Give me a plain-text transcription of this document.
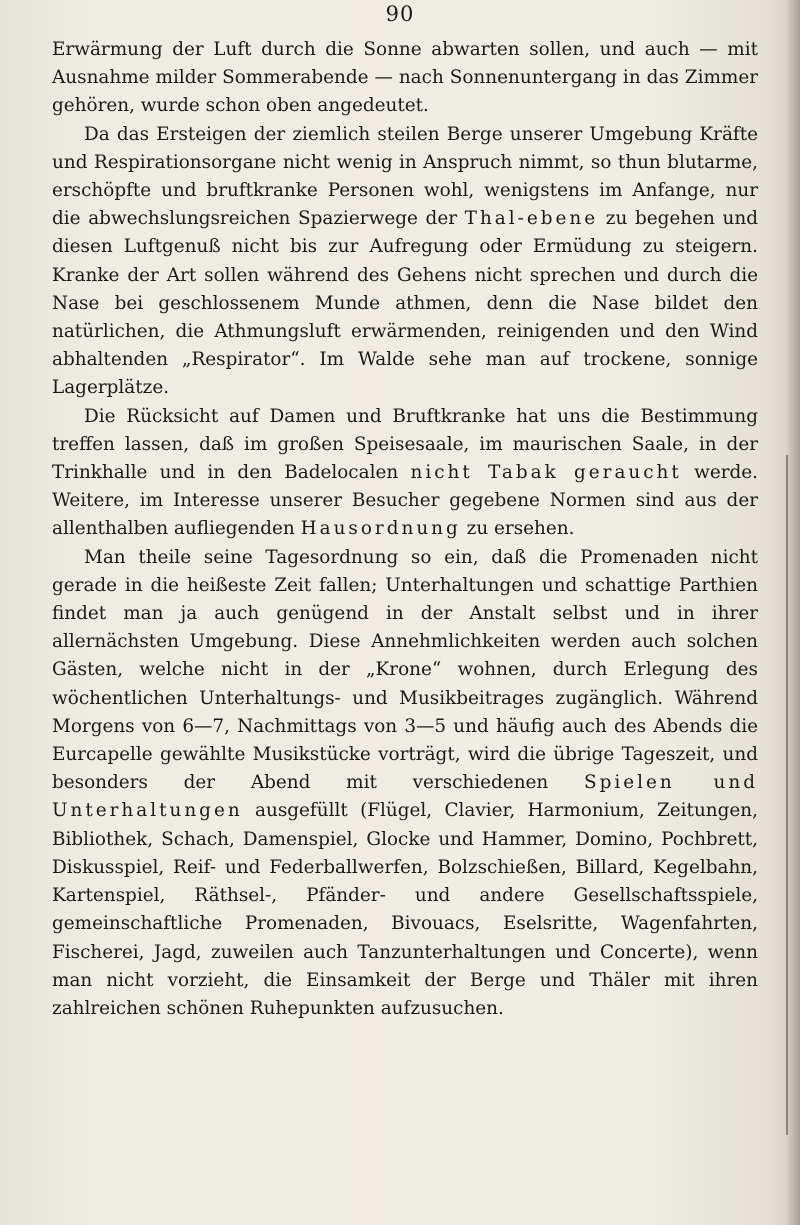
90

Erwärmung der Luft durch die Sonne abwarten sollen, und auch — mit Ausnahme milder Sommerabende — nach Sonnenuntergang in das Zimmer gehören, wurde schon oben angedeutet.

Da das Ersteigen der ziemlich steilen Berge unserer Umgebung Kräfte und Respirationsorgane nicht wenig in Anspruch nimmt, so thun blutarme, erschöpfte und bruftkranke Personen wohl, wenigstens im Anfange, nur die abwechslungsreichen Spazierwege der Thal-ebene zu begehen und diesen Luftgenuß nicht bis zur Aufregung oder Ermüdung zu steigern. Kranke der Art sollen während des Gehens nicht sprechen und durch die Nase bei geschlossenem Munde athmen, denn die Nase bildet den natürlichen, die Athmungsluft erwärmenden, reinigenden und den Wind abhaltenden „Respirator“. Im Walde sehe man auf trockene, sonnige Lagerplätze.

Die Rücksicht auf Damen und Bruftkranke hat uns die Bestimmung treffen lassen, daß im großen Speisesaale, im maurischen Saale, in der Trinkhalle und in den Badelocalen nicht Tabak geraucht werde. Weitere, im Interesse unserer Besucher gegebene Normen sind aus der allenthalben aufliegenden Hausordnung zu ersehen.

Man theile seine Tagesordnung so ein, daß die Promenaden nicht gerade in die heißeste Zeit fallen; Unterhaltungen und schattige Parthien findet man ja auch genügend in der Anstalt selbst und in ihrer allernächsten Umgebung. Diese Annehmlichkeiten werden auch solchen Gästen, welche nicht in der „Krone“ wohnen, durch Erlegung des wöchentlichen Unterhaltungs- und Musikbeitrages zugänglich. Während Morgens von 6—7, Nachmittags von 3—5 und häufig auch des Abends die Eurcapelle gewählte Musikstücke vorträgt, wird die übrige Tageszeit, und besonders der Abend mit verschiedenen Spielen und Unterhaltungen ausgefüllt (Flügel, Clavier, Harmonium, Zeitungen, Bibliothek, Schach, Damenspiel, Glocke und Hammer, Domino, Pochbrett, Diskusspiel, Reif- und Federballwerfen, Bolzschießen, Billard, Kegelbahn, Kartenspiel, Räthsel-, Pfänder- und andere Gesellschaftsspiele, gemeinschaftliche Promenaden, Bivouacs, Eselsritte, Wagenfahrten, Fischerei, Jagd, zuweilen auch Tanzunterhaltungen und Concerte), wenn man nicht vorzieht, die Einsamkeit der Berge und Thäler mit ihren zahlreichen schönen Ruhepunkten aufzusuchen.
